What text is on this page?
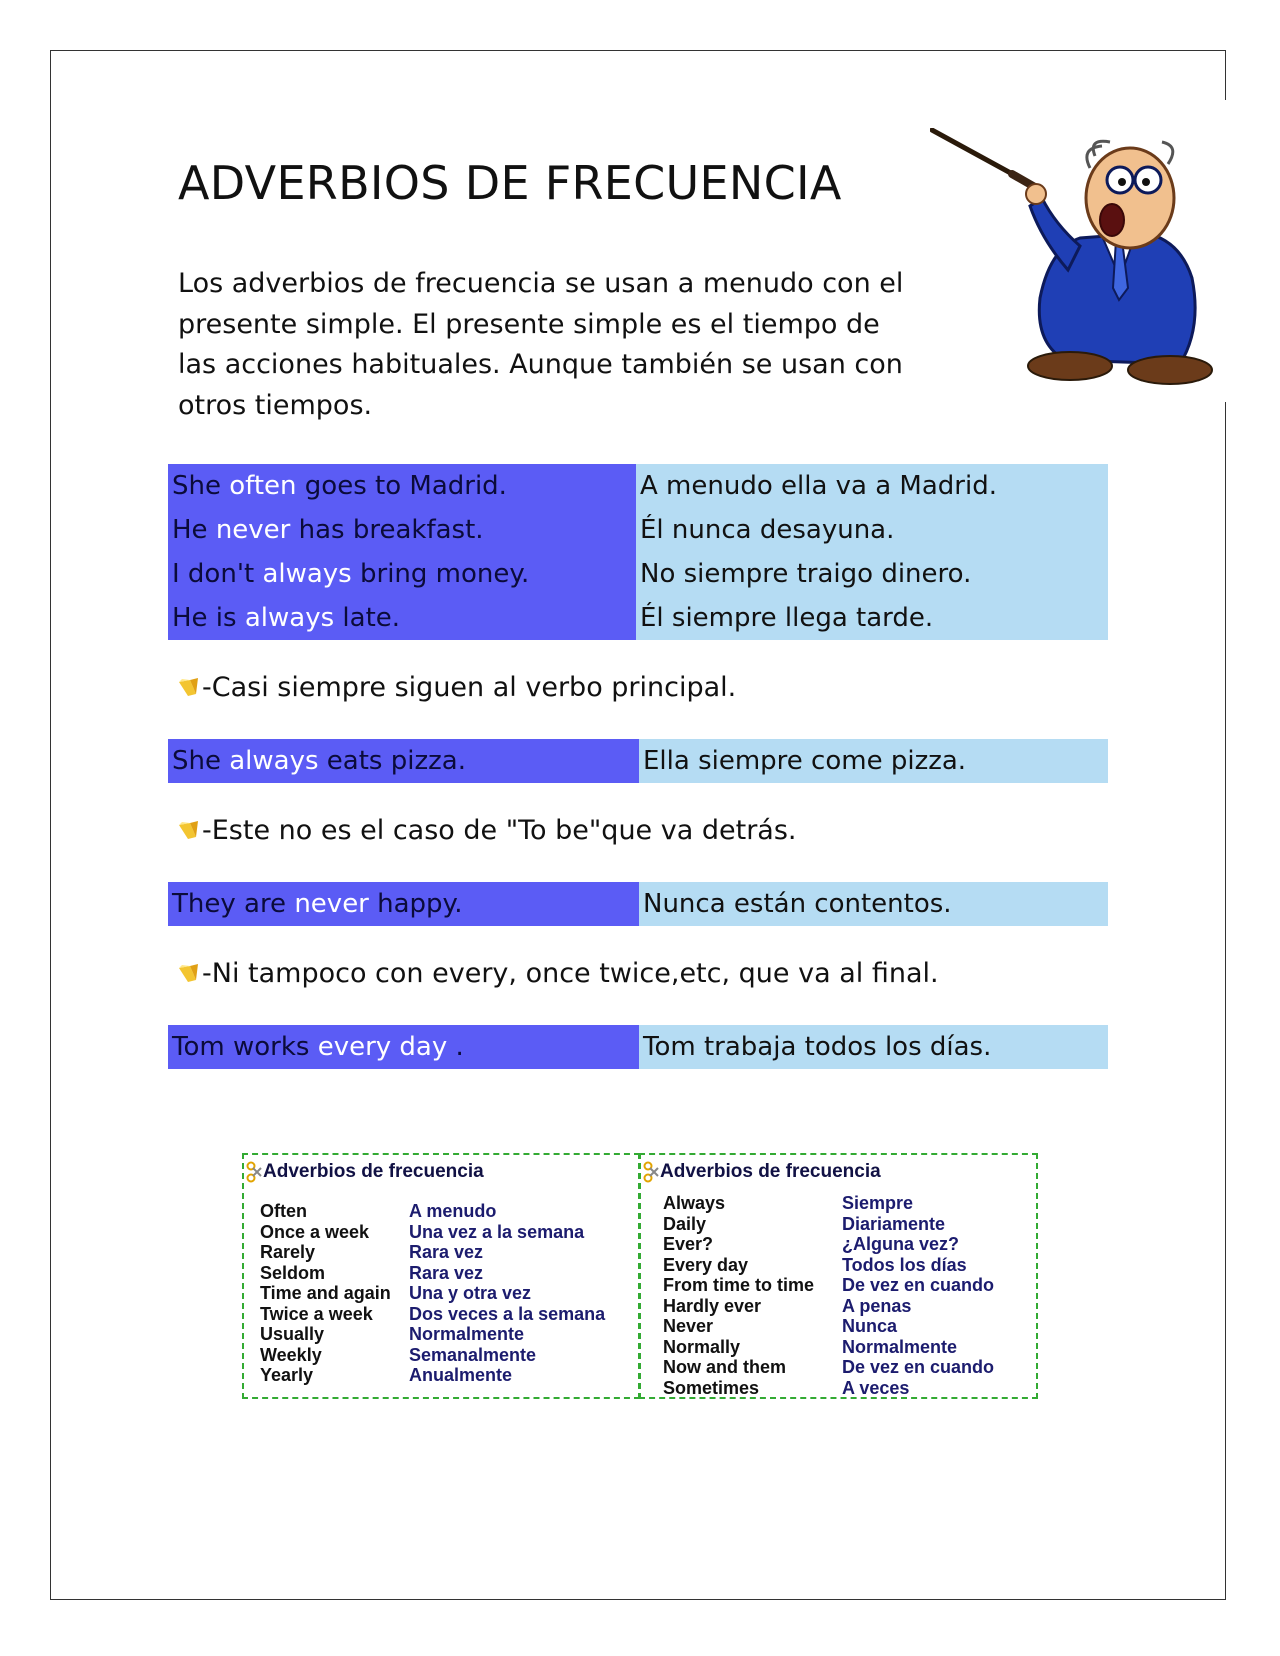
ADVERBIOS DE FRECUENCIA

Los adverbios de frecuencia se usan a menudo con el presente simple. El presente simple es el tiempo de las acciones habituales. Aunque también se usan con otros tiempos.

She often goes to Madrid.	A menudo ella va a Madrid.
He never has breakfast.	Él nunca desayuna.
I don't always bring money.	No siempre traigo dinero.
He is always late.	Él siempre llega tarde.
-Casi siempre siguen al verbo principal.
She always eats pizza.	Ella siempre come pizza.
-Este no es el caso de "To be"que va detrás.
They are never happy.	Nunca están contentos.
-Ni tampoco con every, once twice,etc, que va al final.
Tom works every day .	Tom trabaja todos los días.
Adverbios de frecuencia
Often	A menudo
Once a week	Una vez a la semana
Rarely	Rara vez
Seldom	Rara vez
Time and again	Una y otra vez
Twice a week	Dos veces a la semana
Usually	Normalmente
Weekly	Semanalmente
Yearly	Anualmente
Adverbios de frecuencia
Always	Siempre
Daily	Diariamente
Ever?	¿Alguna vez?
Every day	Todos los días
From time to time	De vez en cuando
Hardly ever	A penas
Never	Nunca
Normally	Normalmente
Now and them	De vez en cuando
Sometimes	A veces
